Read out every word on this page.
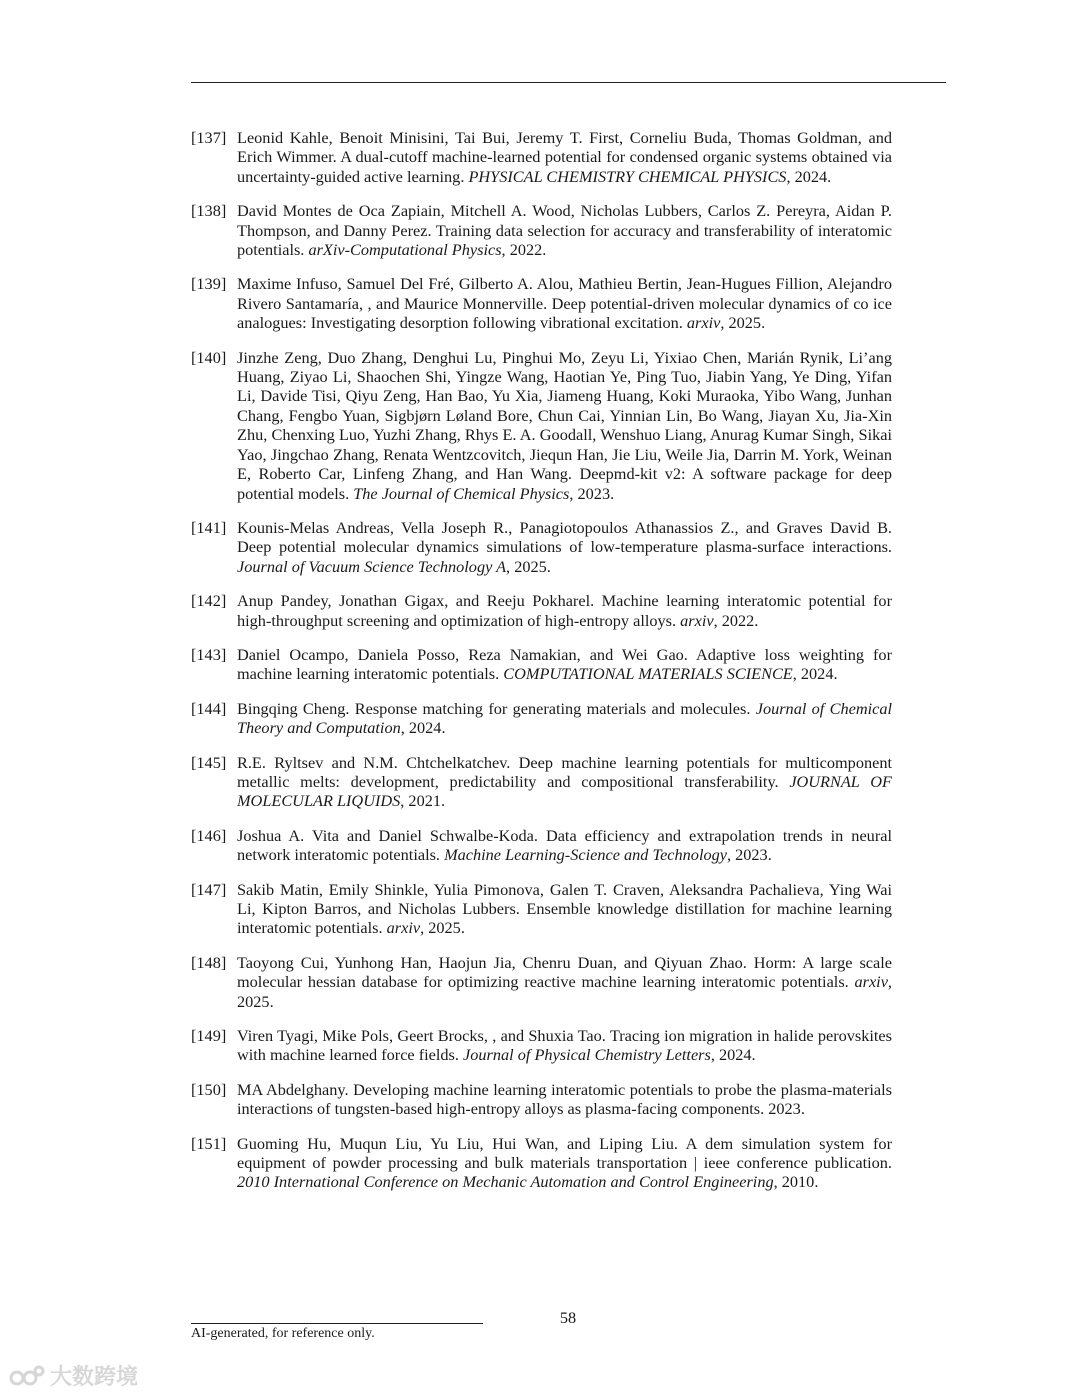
[137] Leonid Kahle, Benoit Minisini, Tai Bui, Jeremy T. First, Corneliu Buda, Thomas Goldman, and Erich Wimmer. A dual-cutoff machine-learned potential for condensed organic systems obtained via uncertainty-guided active learning. PHYSICAL CHEMISTRY CHEMICAL PHYSICS, 2024.
[138] David Montes de Oca Zapiain, Mitchell A. Wood, Nicholas Lubbers, Carlos Z. Pereyra, Aidan P. Thompson, and Danny Perez. Training data selection for accuracy and transferability of interatomic potentials. arXiv-Computational Physics, 2022.
[139] Maxime Infuso, Samuel Del Fré, Gilberto A. Alou, Mathieu Bertin, Jean-Hugues Fillion, Alejandro Rivero Santamaría, , and Maurice Monnerville. Deep potential-driven molecular dynamics of co ice analogues: Investigating desorption following vibrational excitation. arxiv, 2025.
[140] Jinzhe Zeng, Duo Zhang, Denghui Lu, Pinghui Mo, Zeyu Li, Yixiao Chen, Marián Rynik, Li’ang Huang, Ziyao Li, Shaochen Shi, Yingze Wang, Haotian Ye, Ping Tuo, Jiabin Yang, Ye Ding, Yifan Li, Davide Tisi, Qiyu Zeng, Han Bao, Yu Xia, Jiameng Huang, Koki Muraoka, Yibo Wang, Junhan Chang, Fengbo Yuan, Sigbjørn Løland Bore, Chun Cai, Yinnian Lin, Bo Wang, Jiayan Xu, Jia-Xin Zhu, Chenxing Luo, Yuzhi Zhang, Rhys E. A. Goodall, Wenshuo Liang, Anurag Kumar Singh, Sikai Yao, Jingchao Zhang, Renata Wentzcovitch, Jiequn Han, Jie Liu, Weile Jia, Darrin M. York, Weinan E, Roberto Car, Linfeng Zhang, and Han Wang. Deepmd-kit v2: A software package for deep potential models. The Journal of Chemical Physics, 2023.
[141] Kounis-Melas Andreas, Vella Joseph R., Panagiotopoulos Athanassios Z., and Graves David B. Deep potential molecular dynamics simulations of low-temperature plasma-surface interactions. Journal of Vacuum Science Technology A, 2025.
[142] Anup Pandey, Jonathan Gigax, and Reeju Pokharel. Machine learning interatomic potential for high-throughput screening and optimization of high-entropy alloys. arxiv, 2022.
[143] Daniel Ocampo, Daniela Posso, Reza Namakian, and Wei Gao. Adaptive loss weighting for machine learning interatomic potentials. COMPUTATIONAL MATERIALS SCIENCE, 2024.
[144] Bingqing Cheng. Response matching for generating materials and molecules. Journal of Chemical Theory and Computation, 2024.
[145] R.E. Ryltsev and N.M. Chtchelkatchev. Deep machine learning potentials for multicomponent metallic melts: development, predictability and compositional transferability. JOURNAL OF MOLECULAR LIQUIDS, 2021.
[146] Joshua A. Vita and Daniel Schwalbe-Koda. Data efficiency and extrapolation trends in neural network interatomic potentials. Machine Learning-Science and Technology, 2023.
[147] Sakib Matin, Emily Shinkle, Yulia Pimonova, Galen T. Craven, Aleksandra Pachalieva, Ying Wai Li, Kipton Barros, and Nicholas Lubbers. Ensemble knowledge distillation for machine learning interatomic potentials. arxiv, 2025.
[148] Taoyong Cui, Yunhong Han, Haojun Jia, Chenru Duan, and Qiyuan Zhao. Horm: A large scale molecular hessian database for optimizing reactive machine learning interatomic potentials. arxiv, 2025.
[149] Viren Tyagi, Mike Pols, Geert Brocks, , and Shuxia Tao. Tracing ion migration in halide perovskites with machine learned force fields. Journal of Physical Chemistry Letters, 2024.
[150] MA Abdelghany. Developing machine learning interatomic potentials to probe the plasma-materials interactions of tungsten-based high-entropy alloys as plasma-facing components. 2023.
[151] Guoming Hu, Muqun Liu, Yu Liu, Hui Wan, and Liping Liu. A dem simulation system for equipment of powder processing and bulk materials transportation | ieee conference publication. 2010 International Conference on Mechanic Automation and Control Engineering, 2010.
58
AI-generated, for reference only.
大数跨境
